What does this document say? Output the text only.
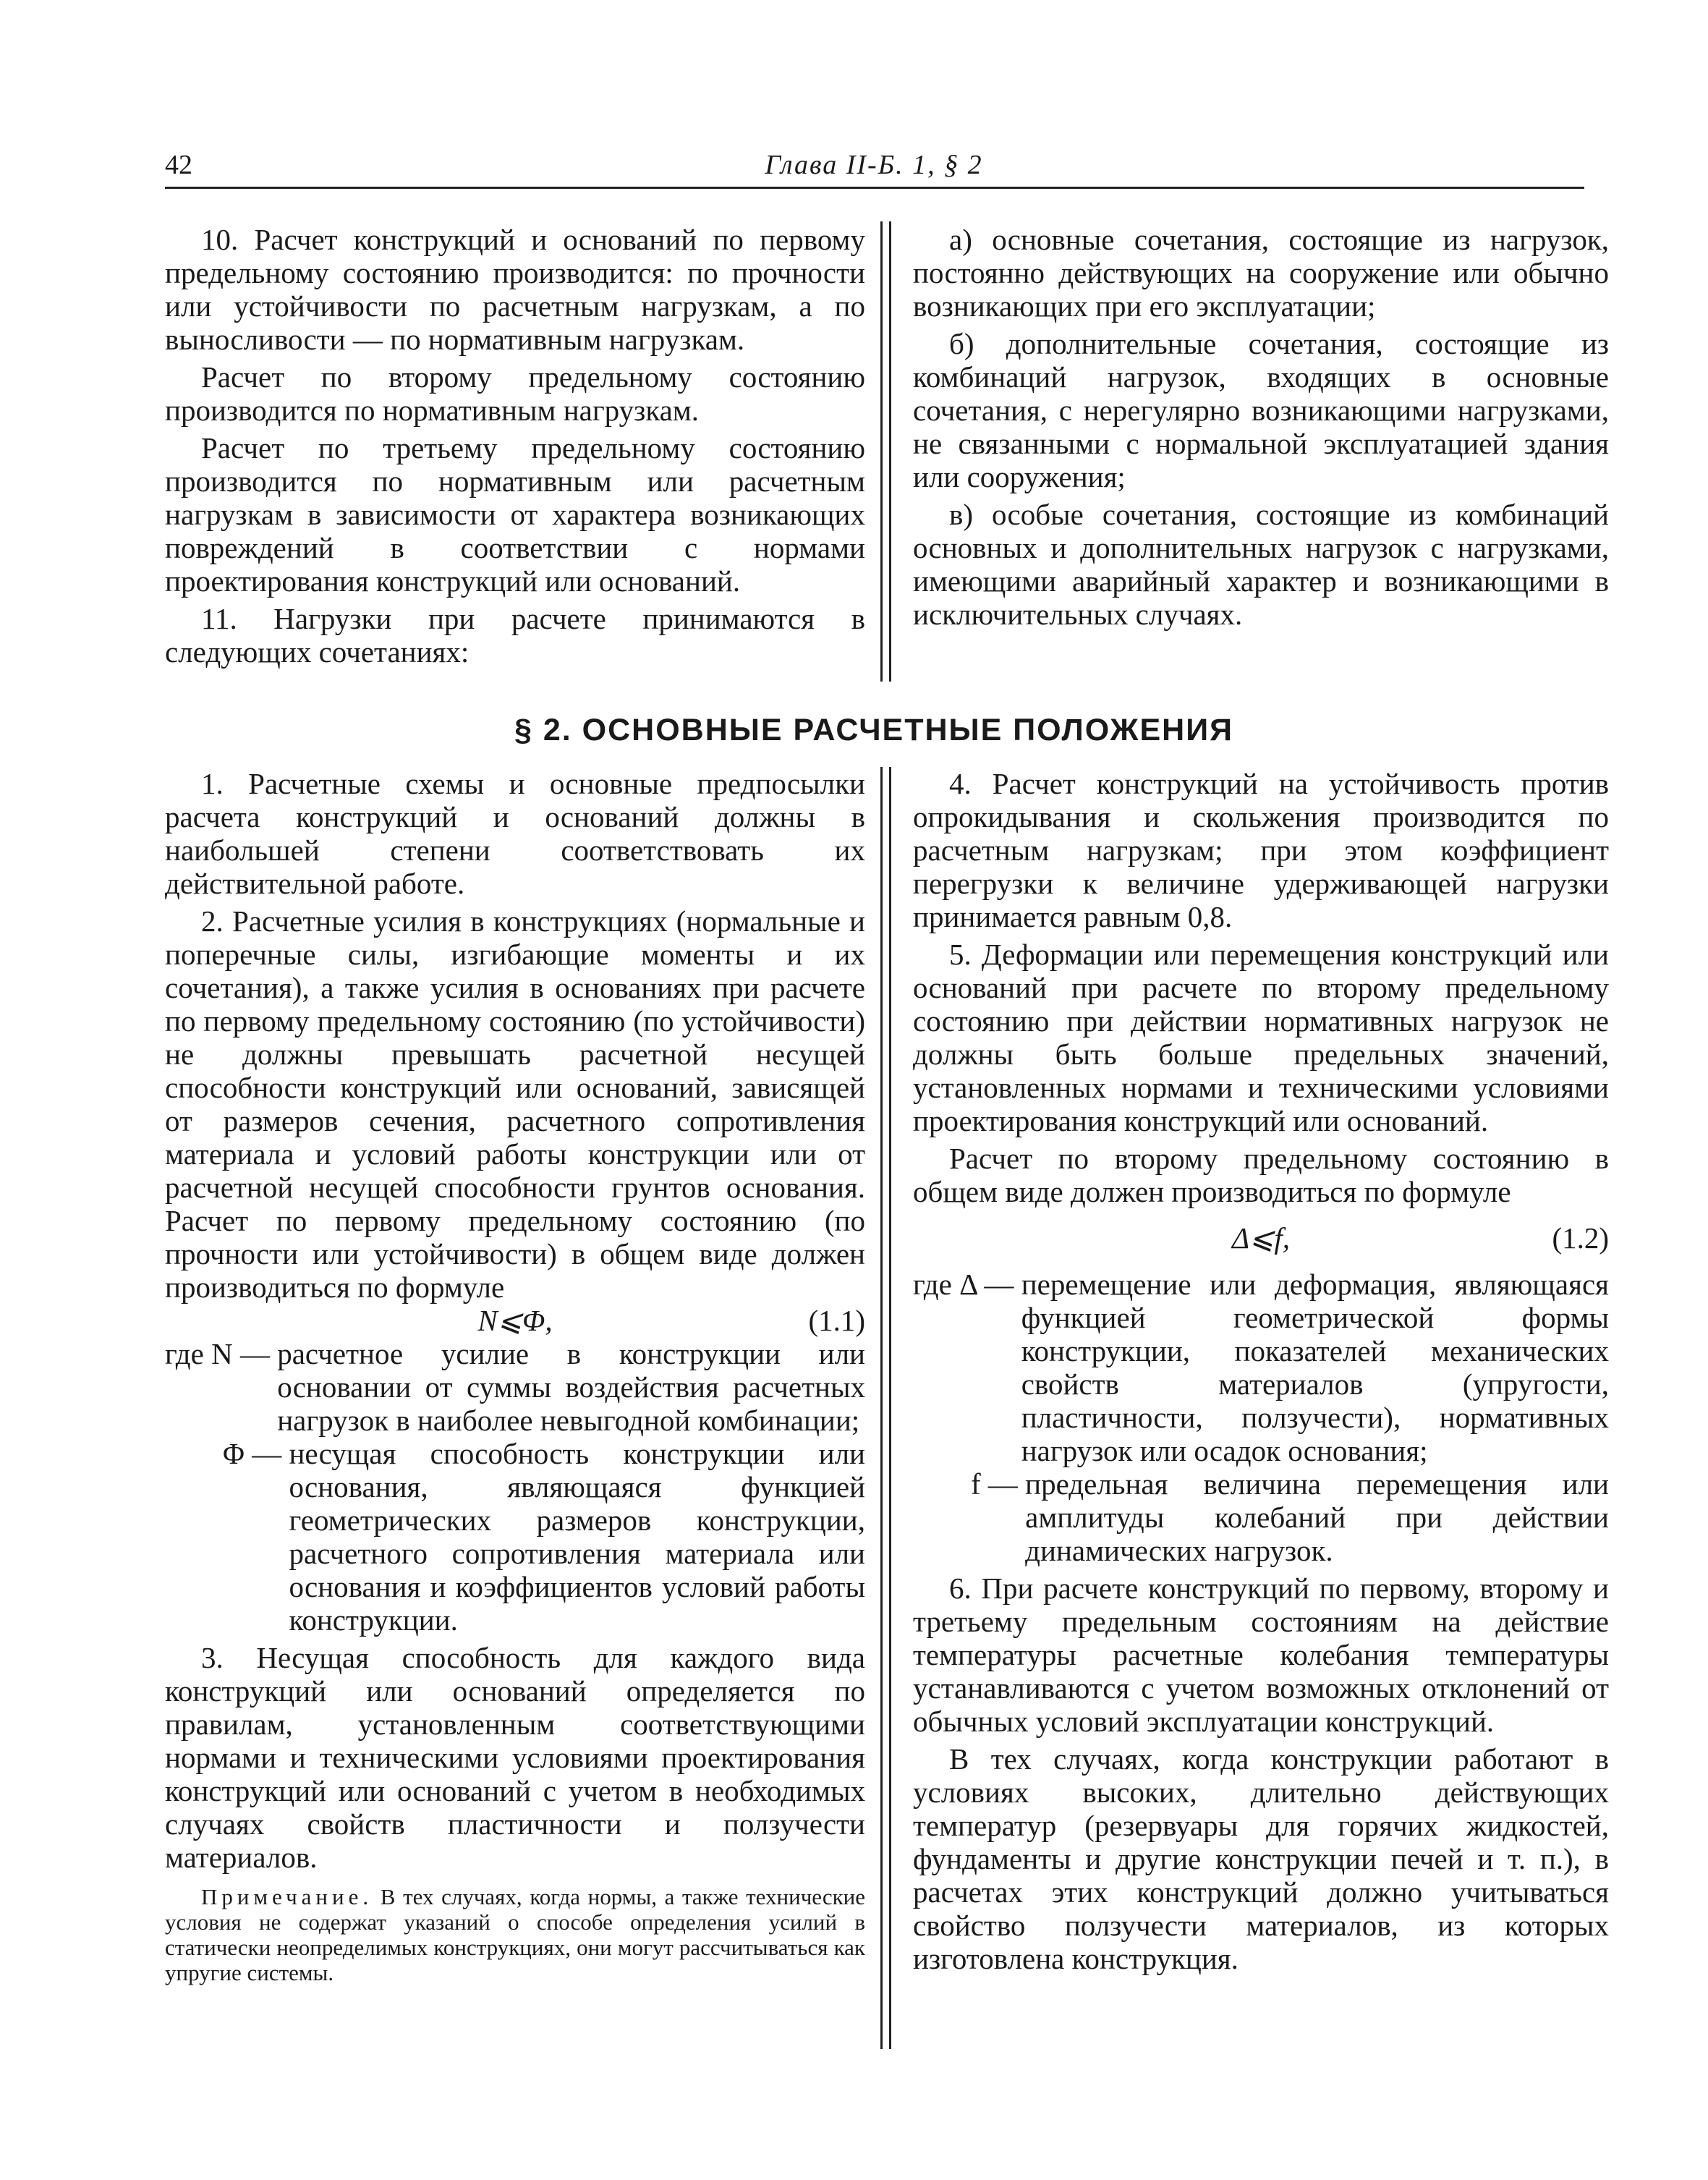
42	Глава II-Б. 1, § 2

10. Расчет конструкций и оснований по первому предельному состоянию производится: по прочности или устойчивости по расчетным нагрузкам, а по выносливости — по нормативным нагрузкам.

Расчет по второму предельному состоянию производится по нормативным нагрузкам.

Расчет по третьему предельному состоянию производится по нормативным или расчетным нагрузкам в зависимости от характера возникающих повреждений в соответствии с нормами проектирования конструкций или оснований.

11. Нагрузки при расчете принимаются в следующих сочетаниях:

а) основные сочетания, состоящие из нагрузок, постоянно действующих на сооружение или обычно возникающих при его эксплуатации;

б) дополнительные сочетания, состоящие из комбинаций нагрузок, входящих в основные сочетания, с нерегулярно возникающими нагрузками, не связанными с нормальной эксплуатацией здания или сооружения;

в) особые сочетания, состоящие из комбинаций основных и дополнительных нагрузок с нагрузками, имеющими аварийный характер и возникающими в исключительных случаях.

§ 2. ОСНОВНЫЕ РАСЧЕТНЫЕ ПОЛОЖЕНИЯ

1. Расчетные схемы и основные предпосылки расчета конструкций и оснований должны в наибольшей степени соответствовать их действительной работе.

2. Расчетные усилия в конструкциях (нормальные и поперечные силы, изгибающие моменты и их сочетания), а также усилия в основаниях при расчете по первому предельному состоянию (по устойчивости) не должны превышать расчетной несущей способности конструкций или оснований, зависящей от размеров сечения, расчетного сопротивления материала и условий работы конструкции или от расчетной несущей способности грунтов основания. Расчет по первому предельному состоянию (по прочности или устойчивости) в общем виде должен производиться по формуле

N⩽Φ,	(1.1)
где N — расчетное усилие в конструкции или основании от суммы воздействия расчетных нагрузок в наиболее невыгодной комбинации;
Φ — несущая способность конструкции или основания, являющаяся функцией геометрических размеров конструкции, расчетного сопротивления материала или основания и коэффициентов условий работы конструкции.

3. Несущая способность для каждого вида конструкций или оснований определяется по правилам, установленным соответствующими нормами и техническими условиями проектирования конструкций или оснований с учетом в необходимых случаях свойств пластичности и ползучести материалов.

Примечание. В тех случаях, когда нормы, а также технические условия не содержат указаний о способе определения усилий в статически неопределимых конструкциях, они могут рассчитываться как упругие системы.

4. Расчет конструкций на устойчивость против опрокидывания и скольжения производится по расчетным нагрузкам; при этом коэффициент перегрузки к величине удерживающей нагрузки принимается равным 0,8.

5. Деформации или перемещения конструкций или оснований при расчете по второму предельному состоянию при действии нормативных нагрузок не должны быть больше предельных значений, установленных нормами и техническими условиями проектирования конструкций или оснований.

Расчет по второму предельному состоянию в общем виде должен производиться по формуле

Δ⩽f,	(1.2)
где Δ — перемещение или деформация, являющаяся функцией геометрической формы конструкции, показателей механических свойств материалов (упругости, пластичности, ползучести), нормативных нагрузок или осадок основания;
f — предельная величина перемещения или амплитуды колебаний при действии динамических нагрузок.

6. При расчете конструкций по первому, второму и третьему предельным состояниям на действие температуры расчетные колебания температуры устанавливаются с учетом возможных отклонений от обычных условий эксплуатации конструкций.

В тех случаях, когда конструкции работают в условиях высоких, длительно действующих температур (резервуары для горячих жидкостей, фундаменты и другие конструкции печей и т. п.), в расчетах этих конструкций должно учитываться свойство ползучести материалов, из которых изготовлена конструкция.
